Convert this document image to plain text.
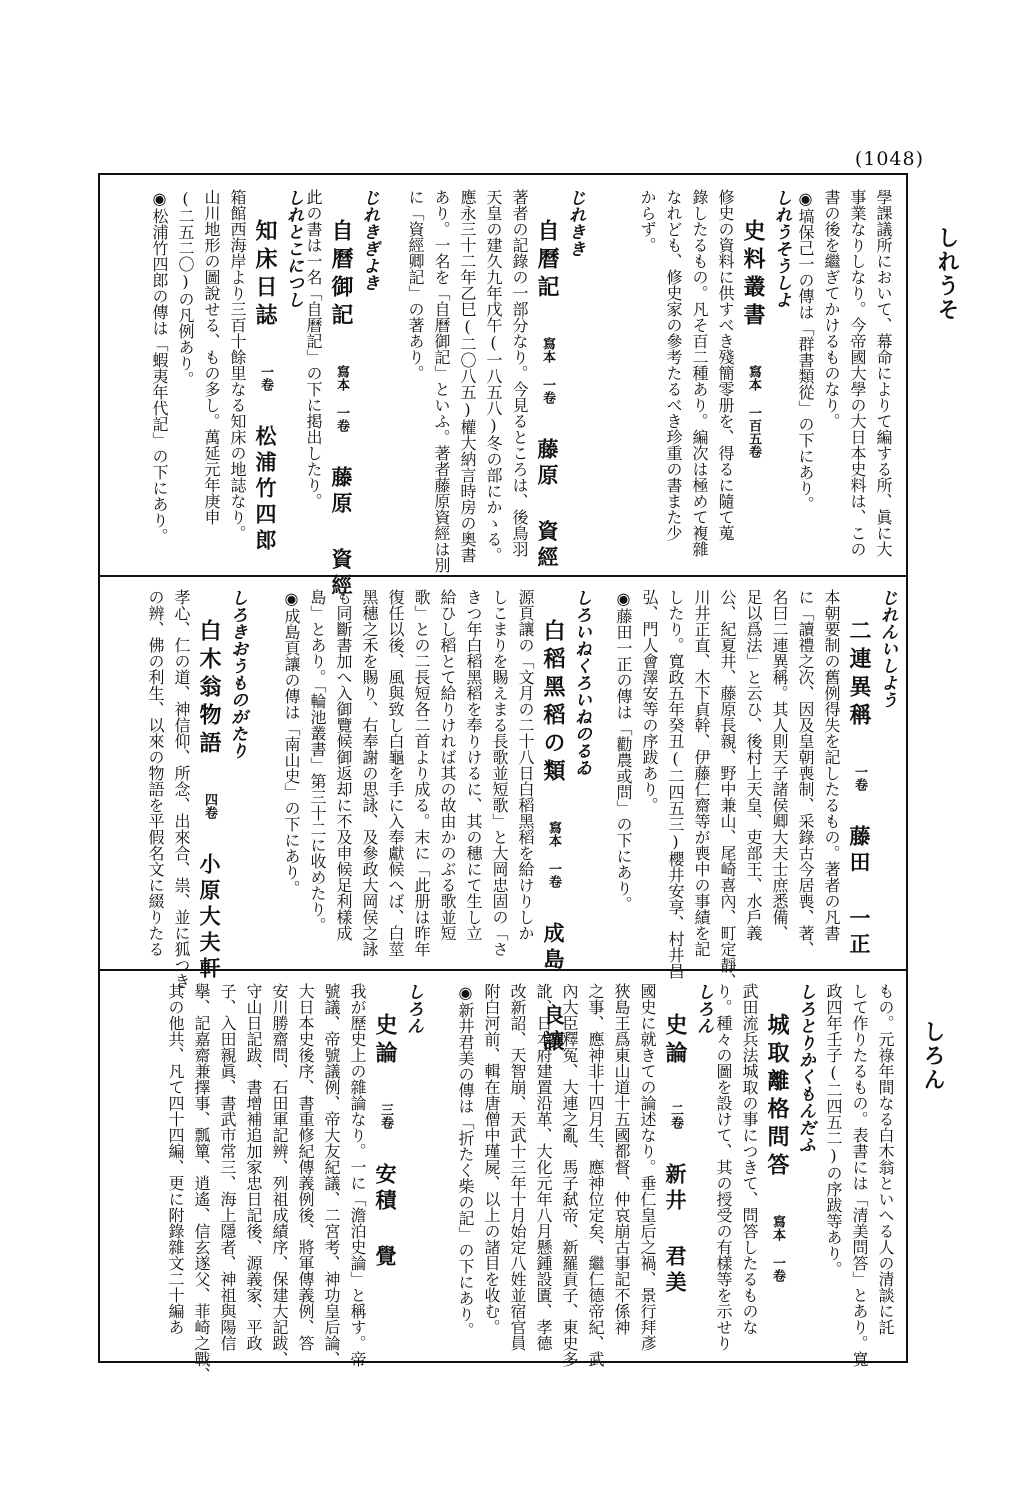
(1048)
しれうそ
しろん
學課議所において、幕命によりて編する所、眞に大
事業なりしなり。今帝國大學の大日本史料は、この
書の後を繼ぎてかけるものなり。
◉塙保己一の傳は「群書類從」の下にあり。
しれうそうしよ
史料叢書寫本 一百五卷
修史の資料に供すべき殘簡零册を、得るに隨て蒐
錄したるもの。凡そ百二種あり。編次は極めて複雜
なれども、修史家の參考たるべき珍重の書また少
からず。
じれきき
自曆記寫本 一卷藤原 資經
著者の記錄の一部分なり。今見るところは、後鳥羽
天皇の建久九年戊午(一八五八)冬の部にかゝる。
應永三十二年乙巳(二〇八五)權大納言時房の奧書
あり。一名を「自曆御記」といふ。著者藤原資經は別
に「資經卿記」の著あり。
じれきぎよき
自曆御記寫本 一卷藤原 資經
此の書は一名「自曆記」の下に掲出したり。
しれとこにつし
知床日誌一卷松浦竹四郎
箱館西海岸より三百十餘里なる知床の地誌なり。
山川地形の圖說せる、もの多し。萬延元年庚申
(二五二〇)の凡例あり。
◉松浦竹四郎の傳は「蝦夷年代記」の下にあり。
じれんいしよう
二連異稱一卷藤田 一正
本朝要制の舊例得失を記したるもの。著者の凡書
に「讀禮之次、因及皇朝喪制、采錄古今居喪、著、
名曰二連異稱。其人則天子諸侯卿大夫士庶悉備、
足以爲法」と云ひ、後村上天皇、吏部王、水戶義
公、紀夏井、藤原長親、野中兼山、尾崎喜內、町定靜、
川井正直、木下貞幹、伊藤仁齋等が喪中の事績を記
したり。寬政五年癸丑(二四五三)櫻井安享、村井昌
弘、門人會澤安等の序跋あり。
◉藤田一正の傳は「勸農或問」の下にあり。
しろいねくろいねのるゐ
白稻黑稻の類寫本 一卷成島 良讓
源頁讓の「文月の二十八日白稻黑稻を給けりしか
しこまりを賜えまる長歌並短歌」と大岡忠固の「さ
きつ年白稻黑稻を奉りけるに、其の穗にて生し立
給ひし稻とて給りければ其の故由かのぶる歌並短
歌」との二長短各二首より成る。末に「此册は昨年
復任以後、風與致し白龜を手に入奉獻候へば、白莖
黑穗之禾を賜り、右奉謝の思詠、及參政大岡侯之詠
も同斷書加へ入御覽候御返却に不及申候足利樣成
島」とあり。「輪池叢書」第三十二に收めたり。
◉成島頁讓の傳は「南山史」の下にあり。
しろきおうものがたり
白木翁物語四卷小原大夫軒
孝心、仁の道、神信仰、所念、出來合、祟、並に狐つき
の辨、佛の利生、以來の物語を平假名文に綴りたる
もの。元祿年間なる白木翁といへる人の清談に託
して作りたるもの。表書には「清美問答」とあり。寬
政四年壬子(二四五二)の序跋等あり。
しろとりかくもんだふ
城取離格問答寫本 一卷
武田流兵法城取の事につきて、問答したるものな
り。種々の圖を設けて、其の授受の有樣等を示せり
しろん
史論二卷新井 君美
國史に就きての論述なり。垂仁皇后之禍、景行拜彥
狹島王爲東山道十五國都督、仲哀崩古事記不係神
之事、應神非十四月生、應神位定矣、繼仁德帝紀、武
內大臣釋冤、大連之亂、馬子弑帝、新羅貢子、東史多
訛、日本府建置沿革、大化元年八月懸鍾設匱、孝德
改新詔、天智崩、天武十三年十月始定八姓並宿官員
附白河前、輯在唐僧中瑾屍、以上の諸目を收む。
◉新井君美の傳は「折たく柴の記」の下にあり。
しろん
史論三卷安積 覺
我が歷史上の雜論なり。一に「澹泊史論」と稱す。帝
號議、帝號議例、帝大友紀議、二宮考、神功皇后論、
大日本史後序、書重修紀傳義例後、將軍傳義例、答
安川勝齋問、石田軍記辨、列祖成績序、保建大記跋、
守山日記跋、書增補追加家忠日記後、源義家、平政
子、入田親眞、書武市常三、海上隱者、神祖與陽信
擧、記嘉齋兼擇事、瓢簞、逍遙、信玄遂父、菲崎之戰、
其の他共、凡て四十四編、更に附錄雜文二十編あ
